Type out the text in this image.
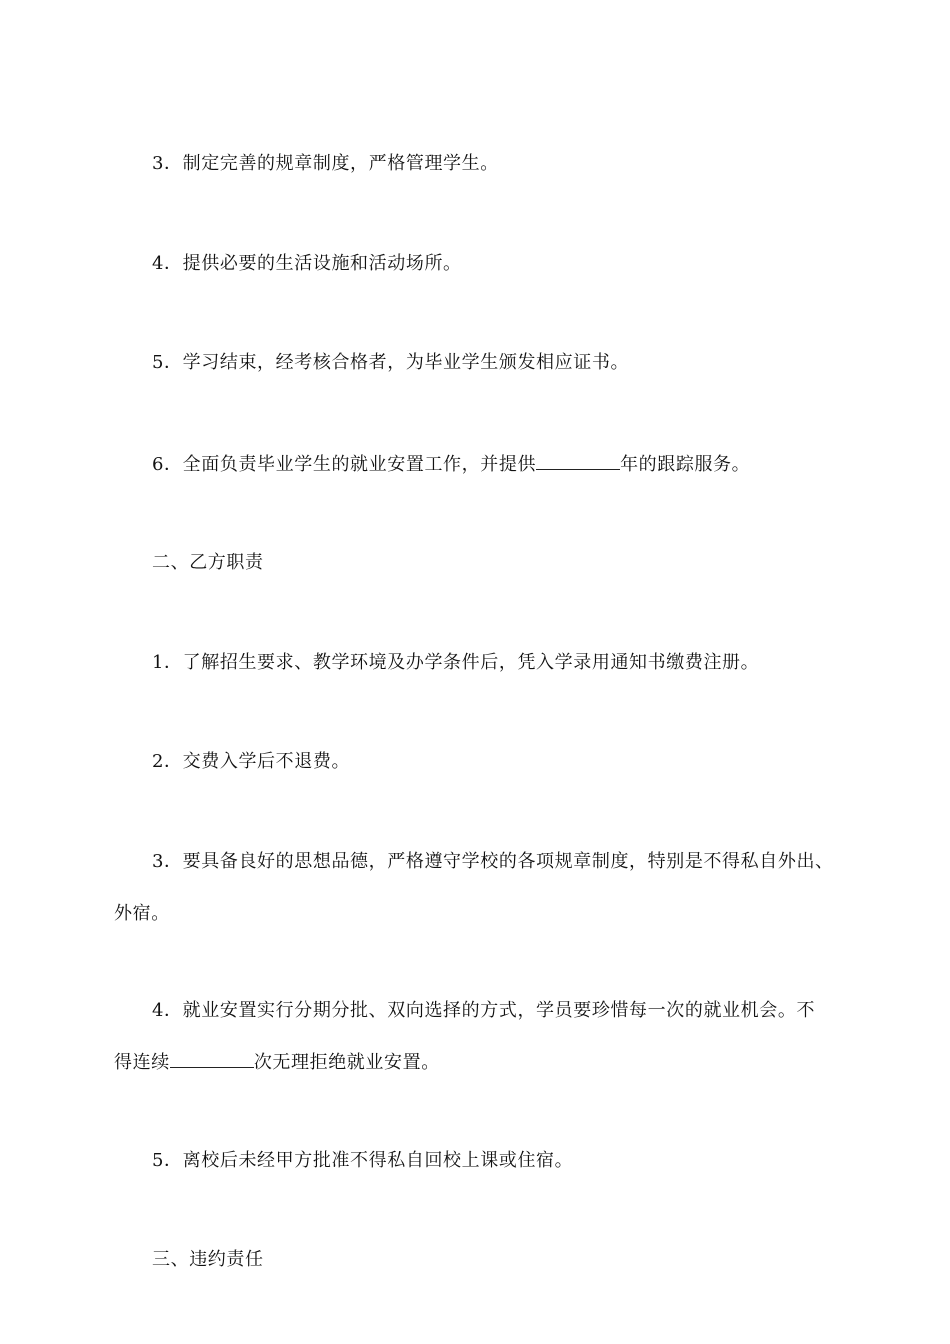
3．制定完善的规章制度，严格管理学生。
4．提供必要的生活设施和活动场所。
5．学习结束，经考核合格者，为毕业学生颁发相应证书。
6．全面负责毕业学生的就业安置工作，并提供	年的跟踪服务。
二、乙方职责
1．了解招生要求、教学环境及办学条件后，凭入学录用通知书缴费注册。
2．交费入学后不退费。
3．要具备良好的思想品德，严格遵守学校的各项规章制度，特别是不得私自外出、
外宿。
4．就业安置实行分期分批、双向选择的方式，学员要珍惜每一次的就业机会。不
得连续	次无理拒绝就业安置。
5．离校后未经甲方批准不得私自回校上课或住宿。
三、违约责任
